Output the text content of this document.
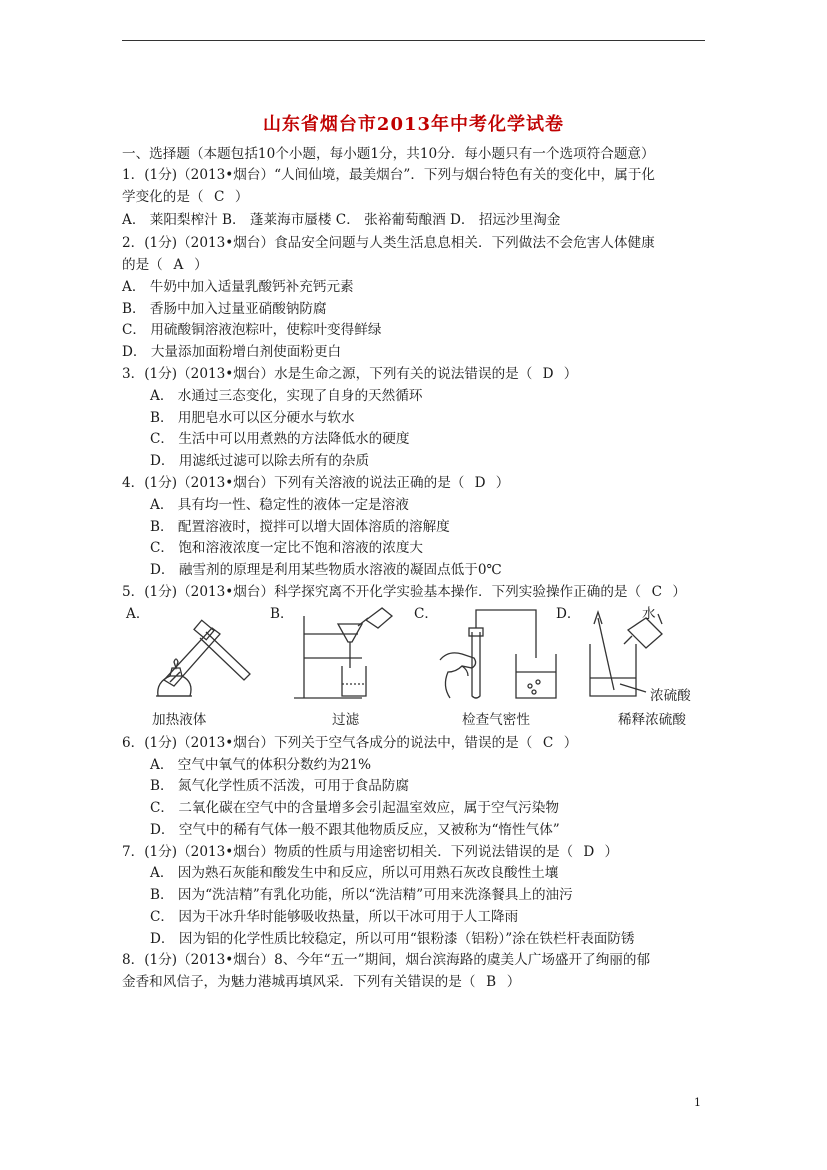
山东省烟台市2013年中考化学试卷
一、选择题（本题包括10个小题，每小题1分，共10分．每小题只有一个选项符合题意）
1．(1分)（2013•烟台）“人间仙境，最美烟台”．下列与烟台特色有关的变化中，属于化
学变化的是（ C ）
A． 莱阳梨榨汁 B． 蓬莱海市蜃楼 C． 张裕葡萄酿酒 D． 招远沙里淘金
2．(1分)（2013•烟台）食品安全问题与人类生活息息相关．下列做法不会危害人体健康
的是（ A ）
A． 牛奶中加入适量乳酸钙补充钙元素
B． 香肠中加入过量亚硝酸钠防腐
C． 用硫酸铜溶液泡粽叶，使粽叶变得鲜绿
D． 大量添加面粉增白剂使面粉更白
3．(1分)（2013•烟台）水是生命之源，下列有关的说法错误的是（ D ）
A． 水通过三态变化，实现了自身的天然循环
B． 用肥皂水可以区分硬水与软水
C． 生活中可以用煮熟的方法降低水的硬度
D． 用滤纸过滤可以除去所有的杂质
4．(1分)（2013•烟台）下列有关溶液的说法正确的是（ D ）
A． 具有均一性、稳定性的液体一定是溶液
B． 配置溶液时，搅拌可以增大固体溶质的溶解度
C． 饱和溶液浓度一定比不饱和溶液的浓度大
D． 融雪剂的原理是利用某些物质水溶液的凝固点低于0℃
5．(1分)（2013•烟台）科学探究离不开化学实验基本操作．下列实验操作正确的是（ C ）
A．
加热液体
B．
过滤
C．
检查气密性
D．	水
浓硫酸
稀释浓硫酸
6．(1分)（2013•烟台）下列关于空气各成分的说法中，错误的是（ C ）
A． 空气中氧气的体积分数约为21%
B． 氮气化学性质不活泼，可用于食品防腐
C． 二氧化碳在空气中的含量增多会引起温室效应，属于空气污染物
D． 空气中的稀有气体一般不跟其他物质反应，又被称为“惰性气体”
7．(1分)（2013•烟台）物质的性质与用途密切相关．下列说法错误的是（ D ）
A． 因为熟石灰能和酸发生中和反应，所以可用熟石灰改良酸性土壤
B． 因为“洗洁精”有乳化功能，所以“洗洁精”可用来洗涤餐具上的油污
C． 因为干冰升华时能够吸收热量，所以干冰可用于人工降雨
D． 因为铝的化学性质比较稳定，所以可用“银粉漆（铝粉）”涂在铁栏杆表面防锈
8．(1分)（2013•烟台）8、今年“五一”期间，烟台滨海路的虞美人广场盛开了绚丽的郁
金香和风信子，为魅力港城再填风采．下列有关错误的是（ B ）
1
